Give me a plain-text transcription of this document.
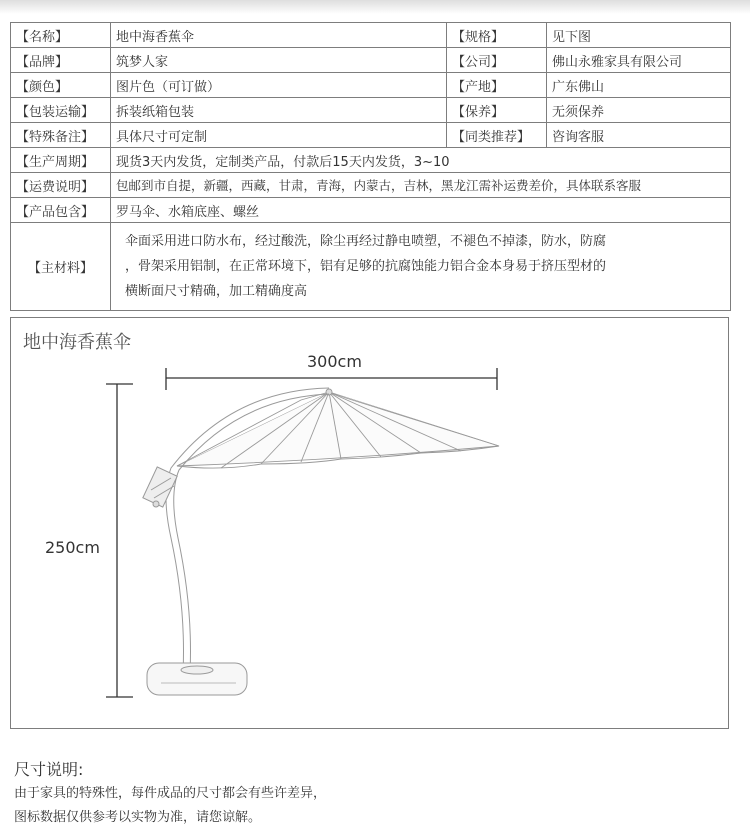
【名称】	地中海香蕉伞	【规格】	见下图
【品牌】	筑梦人家	【公司】	佛山永雅家具有限公司
【颜色】	图片色（可订做）	【产地】	广东佛山
【包装运输】	拆装纸箱包装	【保养】	无须保养
【特殊备注】	具体尺寸可定制	【同类推荐】	咨询客服
【生产周期】	现货3天内发货，定制类产品，付款后15天内发货，3~10		
【运费说明】	包邮到市自提，新疆，西藏，甘肃，青海，内蒙古，吉林，黑龙江需补运费差价，具体联系客服		
【产品包含】	罗马伞、水箱底座、螺丝		
【主材料】	伞面采用进口防水布，经过酸洗，除尘再经过静电喷塑，不褪色不掉漆，防水，防腐
，骨架采用铝制，在正常环境下，铝有足够的抗腐蚀能力铝合金本身易于挤压型材的
横断面尺寸精确，加工精确度高		
地中海香蕉伞
300cm
250cm
尺寸说明:
由于家具的特殊性，每件成品的尺寸都会有些许差异，
图标数据仅供参考以实物为准，请您谅解。
